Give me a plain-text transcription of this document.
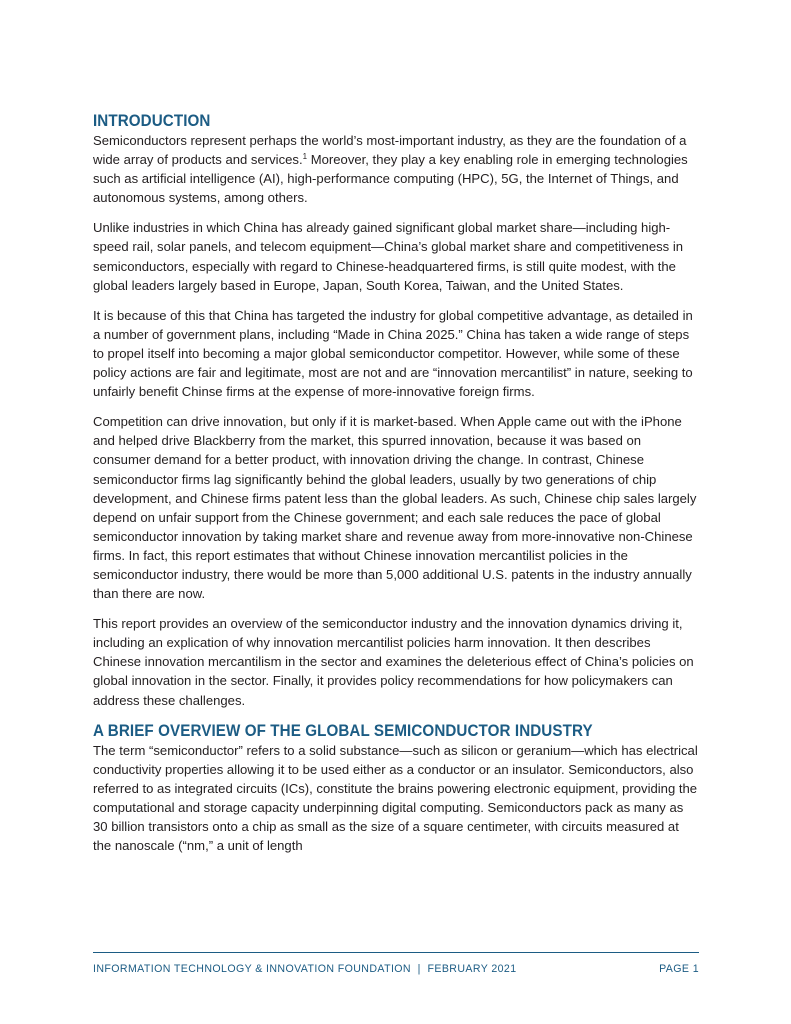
INTRODUCTION

Semiconductors represent perhaps the world’s most-important industry, as they are the foundation of a wide array of products and services.$^1$ Moreover, they play a key enabling role in emerging technologies such as artificial intelligence (AI), high-performance computing (HPC), 5G, the Internet of Things, and autonomous systems, among others.

Unlike industries in which China has already gained significant global market share—including high-speed rail, solar panels, and telecom equipment—China’s global market share and competitiveness in semiconductors, especially with regard to Chinese-headquartered firms, is still quite modest, with the global leaders largely based in Europe, Japan, South Korea, Taiwan, and the United States.

It is because of this that China has targeted the industry for global competitive advantage, as detailed in a number of government plans, including “Made in China 2025.” China has taken a wide range of steps to propel itself into becoming a major global semiconductor competitor. However, while some of these policy actions are fair and legitimate, most are not and are “innovation mercantilist” in nature, seeking to unfairly benefit Chinse firms at the expense of more-innovative foreign firms.

Competition can drive innovation, but only if it is market-based. When Apple came out with the iPhone and helped drive Blackberry from the market, this spurred innovation, because it was based on consumer demand for a better product, with innovation driving the change. In contrast, Chinese semiconductor firms lag significantly behind the global leaders, usually by two generations of chip development, and Chinese firms patent less than the global leaders. As such, Chinese chip sales largely depend on unfair support from the Chinese government; and each sale reduces the pace of global semiconductor innovation by taking market share and revenue away from more-innovative non-Chinese firms. In fact, this report estimates that without Chinese innovation mercantilist policies in the semiconductor industry, there would be more than 5,000 additional U.S. patents in the industry annually than there are now.

This report provides an overview of the semiconductor industry and the innovation dynamics driving it, including an explication of why innovation mercantilist policies harm innovation. It then describes Chinese innovation mercantilism in the sector and examines the deleterious effect of China’s policies on global innovation in the sector. Finally, it provides policy recommendations for how policymakers can address these challenges.

A BRIEF OVERVIEW OF THE GLOBAL SEMICONDUCTOR INDUSTRY

The term “semiconductor” refers to a solid substance—such as silicon or geranium—which has electrical conductivity properties allowing it to be used either as a conductor or an insulator. Semiconductors, also referred to as integrated circuits (ICs), constitute the brains powering electronic equipment, providing the computational and storage capacity underpinning digital computing. Semiconductors pack as many as 30 billion transistors onto a chip as small as the size of a square centimeter, with circuits measured at the nanoscale (“nm,” a unit of length

INFORMATION TECHNOLOGY & INNOVATION FOUNDATION  |  FEBRUARY 2021	PAGE 1
